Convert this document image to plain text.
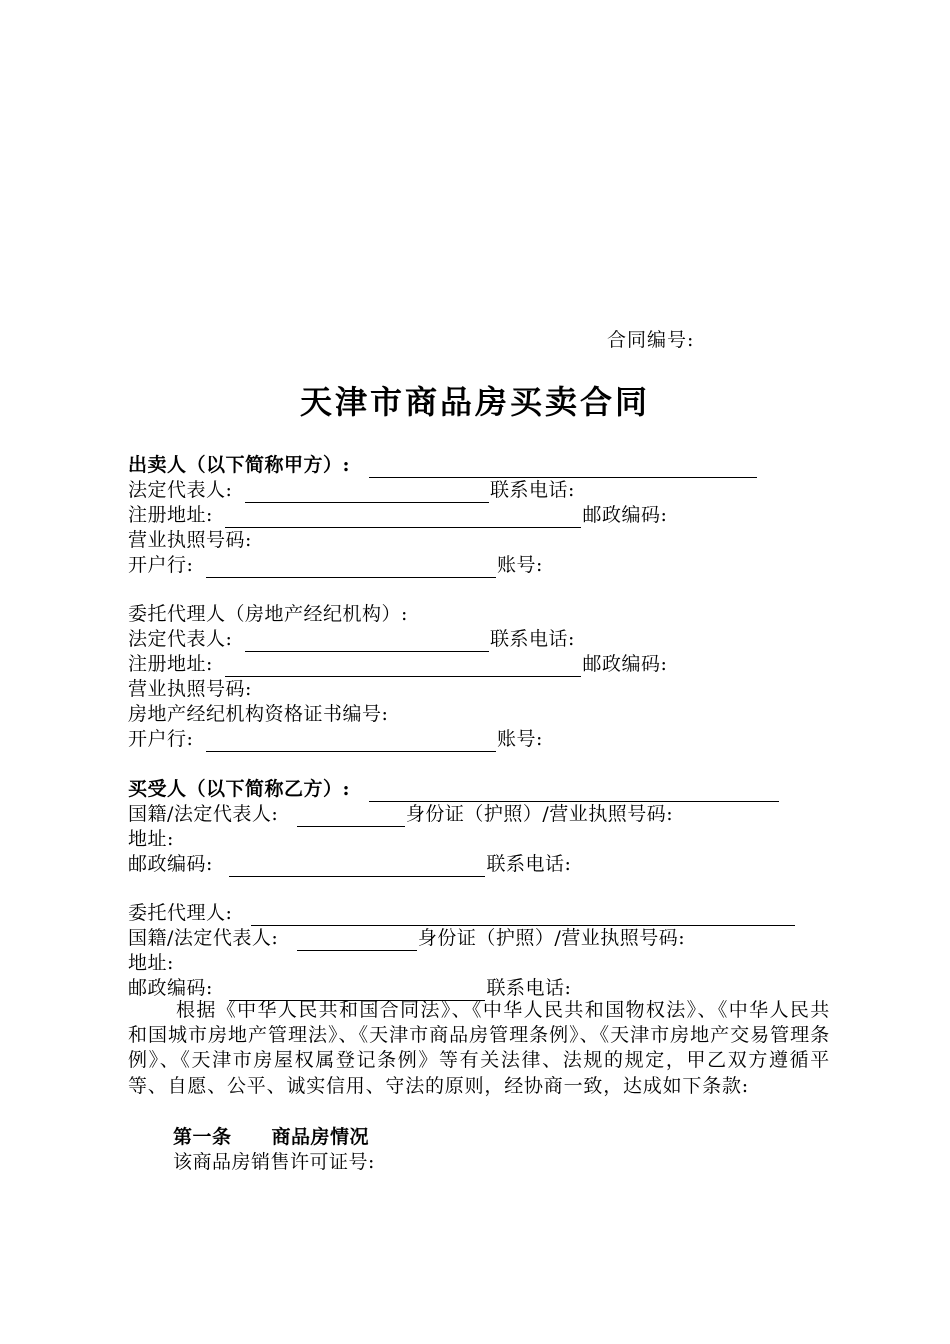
合同编号:
天津市商品房买卖合同
出卖人（以下简称甲方）:
法定代表人:	联系电话:
注册地址:	邮政编码:
营业执照号码:
开户行:	账号:
委托代理人（房地产经纪机构）:
法定代表人:	联系电话:
注册地址:	邮政编码:
营业执照号码:
房地产经纪机构资格证书编号:
开户行:	账号:
买受人（以下简称乙方）:
国籍/法定代表人:	身份证（护照）/营业执照号码:
地址:
邮政编码:	联系电话:
委托代理人:
国籍/法定代表人:	身份证（护照）/营业执照号码:
地址:
邮政编码:	联系电话:
根据《中华人民共和国合同法》、《中华人民共和国物权法》、《中华人民共和国城市房地产管理法》、《天津市商品房管理条例》、《天津市房地产交易管理条例》、《天津市房屋权属登记条例》等有关法律、法规的规定，甲乙双方遵循平等、自愿、公平、诚实信用、守法的原则，经协商一致，达成如下条款:
第一条 商品房情况
该商品房销售许可证号:
